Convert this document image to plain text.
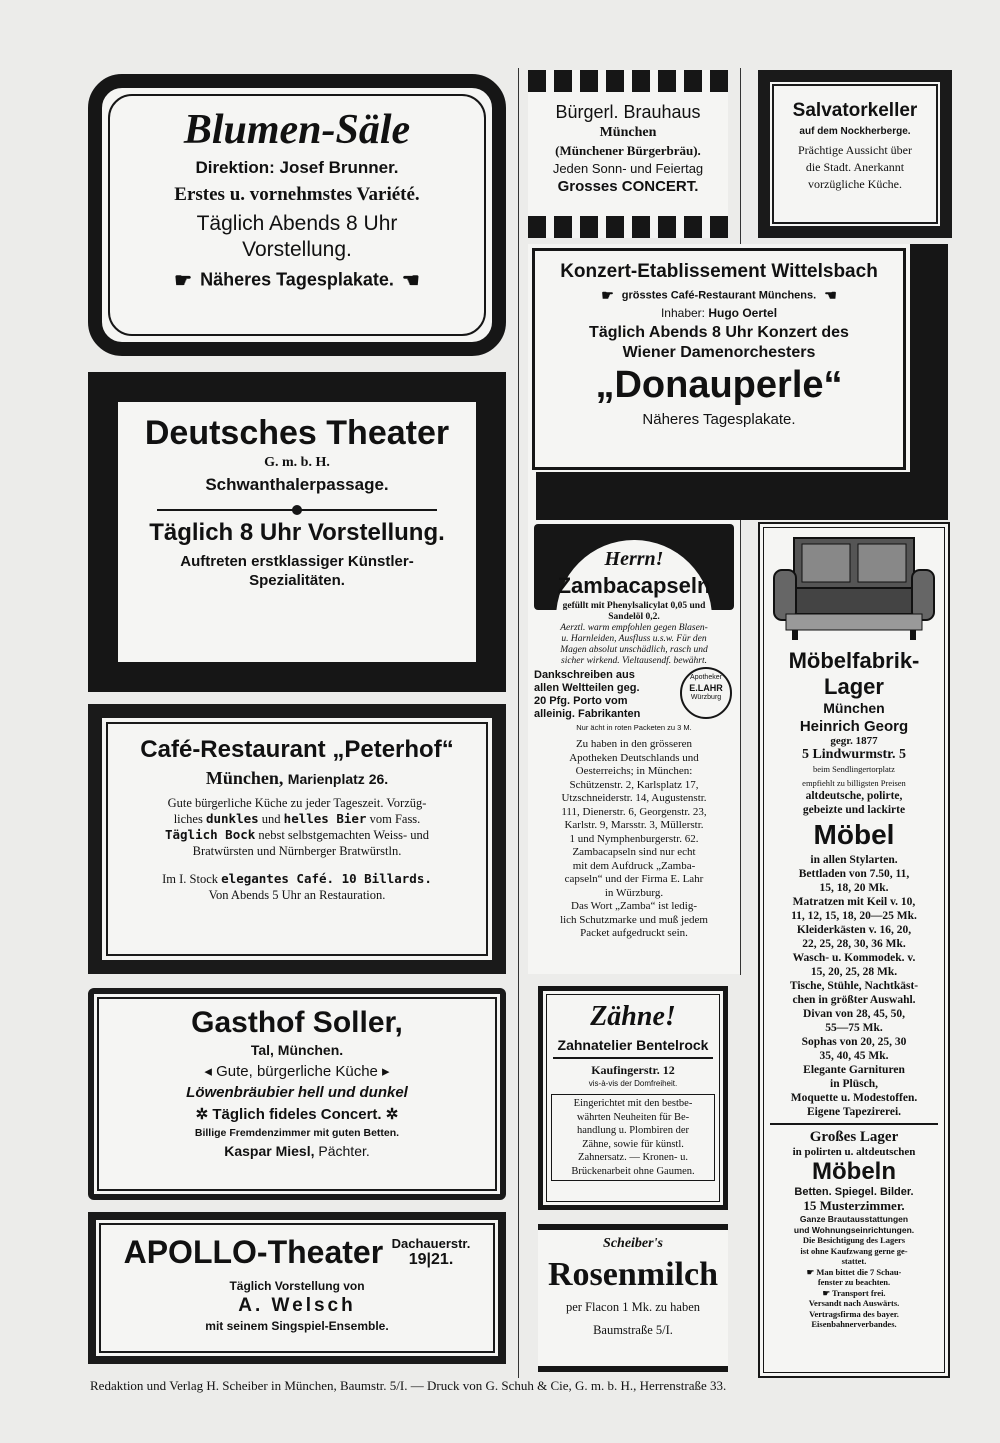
Blumen-Säle
Direktion: Josef Brunner.
Erstes u. vornehmstes Variété.
Täglich Abends 8 Uhr
Vorstellung.
☛ Näheres Tagesplakate. ☚
Bürgerl. Brauhaus
München
(Münchener Bürgerbräu).
Jeden Sonn- und Feiertag
Grosses CONCERT.
Salvatorkeller
auf dem Nockherberge.
Prächtige Aussicht über
die Stadt. Anerkannt
vorzügliche Küche.
Konzert-Etablissement Wittelsbach
☛ grösstes Café-Restaurant Münchens. ☚
Inhaber: Hugo Oertel
Täglich Abends 8 Uhr Konzert des
Wiener Damenorchesters
„Donauperle“
Näheres Tagesplakate.
Deutsches Theater
G. m. b. H.
Schwanthalerpassage.
Täglich 8 Uhr Vorstellung.
Auftreten erstklassiger Künstler-
Spezialitäten.
Café-Restaurant „Peterhof“
München, Marienplatz 26.
Gute bürgerliche Küche zu jeder Tageszeit. Vorzüg-
liches dunkles und helles Bier vom Fass.
Täglich Bock nebst selbstgemachten Weiss- und
Bratwürsten und Nürnberger Bratwürstln.
Im I. Stock elegantes Café. 10 Billards.
Von Abends 5 Uhr an Restauration.
Gasthof Soller,
Tal, München.
◂ Gute, bürgerliche Küche ▸
Löwenbräubier hell und dunkel
✲ Täglich fideles Concert. ✲
Billige Fremdenzimmer mit guten Betten.
Kaspar Miesl, Pächter.
APOLLO-Theater Dachauerstr.
19|21.
Täglich Vorstellung von
A. Welsch
mit seinem Singspiel-Ensemble.
Herrn!
Zambacapseln
gefüllt mit Phenylsalicylat 0,05 und
Sandelöl 0,2.
Aerztl. warm empfohlen gegen Blasen-
u. Harnleiden, Ausfluss u.s.w. Für den
Magen absolut unschädlich, rasch und
sicher wirkend. Vieltausendf. bewährt.
Dankschreiben aus
allen Weltteilen geg.
20 Pfg. Porto vom
alleinig. Fabrikanten
Apotheker
E.LAHR
Würzburg
Nur ächt in roten Packeten zu 3 M.
Zu haben in den grösseren
Apotheken Deutschlands und
Oesterreichs; in München:
Schützenstr. 2, Karlsplatz 17,
Utzschneiderstr. 14, Augustenstr.
111, Dienerstr. 6, Georgenstr. 23,
Karlstr. 9, Marsstr. 3, Müllerstr.
1 und Nymphenburgerstr. 62.
Zambacapseln sind nur echt
mit dem Aufdruck „Zamba-
capseln“ und der Firma E. Lahr
in Würzburg.
Das Wort „Zamba“ ist ledig-
lich Schutzmarke und muß jedem
Packet aufgedruckt sein.
Möbelfabrik-
Lager
München
Heinrich Georg
gegr. 1877
5 Lindwurmstr. 5
beim Sendlingertorplatz
empfiehlt zu billigsten Preisen
altdeutsche, polirte,
gebeizte und lackirte
Möbel
in allen Stylarten.
Bettladen von 7.50, 11,
15, 18, 20 Mk.
Matratzen mit Keil v. 10,
11, 12, 15, 18, 20—25 Mk.
Kleiderkästen v. 16, 20,
22, 25, 28, 30, 36 Mk.
Wasch- u. Kommodek. v.
15, 20, 25, 28 Mk.
Tische, Stühle, Nachtkäst-
chen in größter Auswahl.
Divan von 28, 45, 50,
55—75 Mk.
Sophas von 20, 25, 30
35, 40, 45 Mk.
Elegante Garnituren
in Plüsch,
Moquette u. Modestoffen.
Eigene Tapezirerei.
Großes Lager
in polirten u. altdeutschen
Möbeln
Betten. Spiegel. Bilder.
15 Musterzimmer.
Ganze Brautausstattungen
und Wohnungseinrichtungen.
Die Besichtigung des Lagers
ist ohne Kaufzwang gerne ge-
stattet.
☛ Man bittet die 7 Schau-
fenster zu beachten.
☛ Transport frei.
Versandt nach Auswärts.
Vertragsfirma des bayer.
Eisenbahnerverbandes.
Zähne!
Zahnatelier Bentelrock
Kaufingerstr. 12
vis-à-vis der Domfreiheit.
Eingerichtet mit den bestbe-
währten Neuheiten für Be-
handlung u. Plombiren der
Zähne, sowie für künstl.
Zahnersatz. — Kronen- u.
Brückenarbeit ohne Gaumen.
Scheiber's
Rosenmilch
per Flacon 1 Mk. zu haben
Baumstraße 5/I.
Redaktion und Verlag H. Scheiber in München, Baumstr. 5/I. — Druck von G. Schuh & Cie, G. m. b. H., Herrenstraße 33.
